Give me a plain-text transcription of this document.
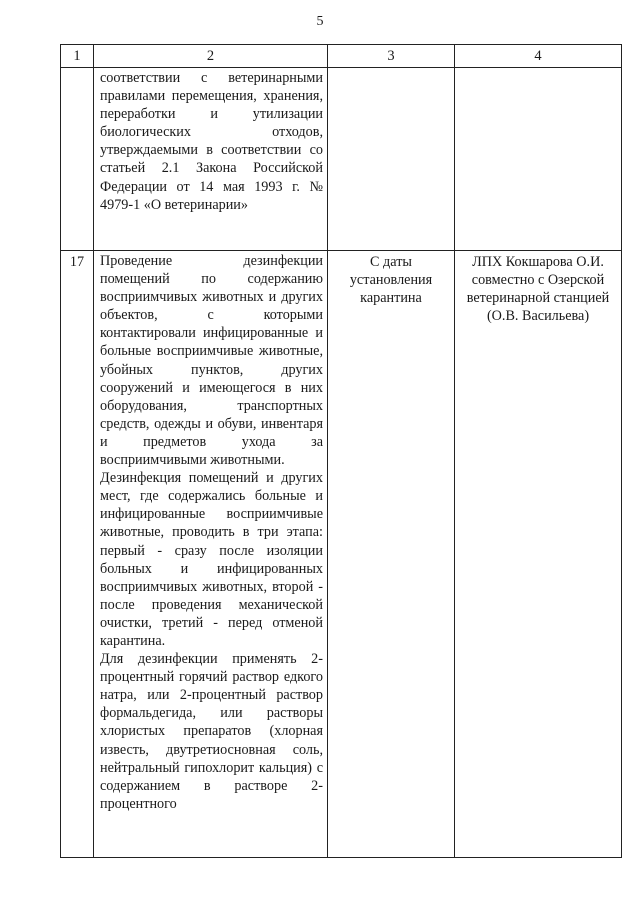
5
1	2	3	4

	соответствии с ветеринарными правилами перемещения, хранения, переработки и утилизации биологических отходов, утверждаемыми в соответствии со статьей 2.1 Закона Российской Федерации от 14 мая 1993 г. № 4979-1 «О ветеринарии»		

17	Проведение дезинфекции помещений по содержанию восприимчивых животных и других объектов, с которыми контактировали инфицированные и больные восприимчивые животные, убойных пунктов, других сооружений и имеющегося в них оборудования, транспортных средств, одежды и обуви, инвентаря и предметов ухода за восприимчивыми животными.

Дезинфекция помещений и других мест, где содержались больные и инфицированные восприимчивые животные, проводить в три этапа: первый - сразу после изоляции больных и инфицированных восприимчивых животных, второй - после проведения механической очистки, третий - перед отменой карантина.

Для дезинфекции применять 2-процентный горячий раствор едкого натра, или 2-процентный раствор формальдегида, или растворы хлористых препаратов (хлорная известь, двутретиосновная соль, нейтральный гипохлорит кальция) с содержанием в растворе 2-процентного	С даты установления карантина	ЛПХ Кокшарова О.И. совместно с Озерской ветеринарной станцией (О.В. Васильева)
